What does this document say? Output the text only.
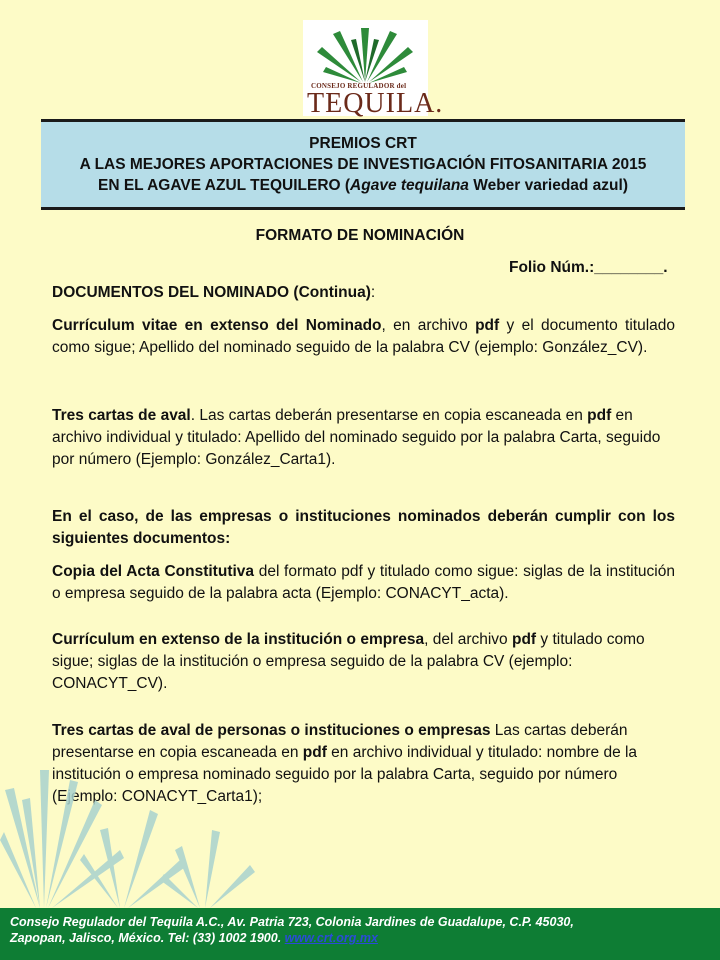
CONSEJO REGULADOR del
TEQUILA.
PREMIOS CRT
A LAS MEJORES APORTACIONES DE INVESTIGACIÓN FITOSANITARIA 2015
EN EL AGAVE AZUL TEQUILERO (Agave tequilana Weber variedad azul)
FORMATO DE NOMINACIÓN
Folio Núm.:________.
DOCUMENTOS DEL NOMINADO (Continua):
Currículum vitae en extenso del Nominado, en archivo pdf y el documento titulado como sigue; Apellido del nominado seguido de la palabra CV (ejemplo: González_CV).
Tres cartas de aval. Las cartas deberán presentarse en copia escaneada en pdf en archivo individual y titulado: Apellido del nominado seguido por la palabra Carta, seguido por número (Ejemplo: González_Carta1).
En el caso, de las empresas o instituciones nominados deberán cumplir con los siguientes documentos:
Copia del Acta Constitutiva del formato pdf y titulado como sigue: siglas de la institución o empresa seguido de la palabra acta (Ejemplo: CONACYT_acta).
Currículum en extenso de la institución o empresa, del archivo pdf y titulado como sigue; siglas de la institución o empresa seguido de la palabra CV (ejemplo: CONACYT_CV).
Tres cartas de aval de personas o instituciones o empresas Las cartas deberán presentarse en copia escaneada en pdf en archivo individual y titulado: nombre de la institución o empresa nominado seguido por la palabra Carta, seguido por número (Ejemplo: CONACYT_Carta1);
Consejo Regulador del Tequila A.C., Av. Patria 723, Colonia Jardines de Guadalupe, C.P. 45030,
Zapopan, Jalisco, México. Tel: (33) 1002 1900. www.crt.org.mx
